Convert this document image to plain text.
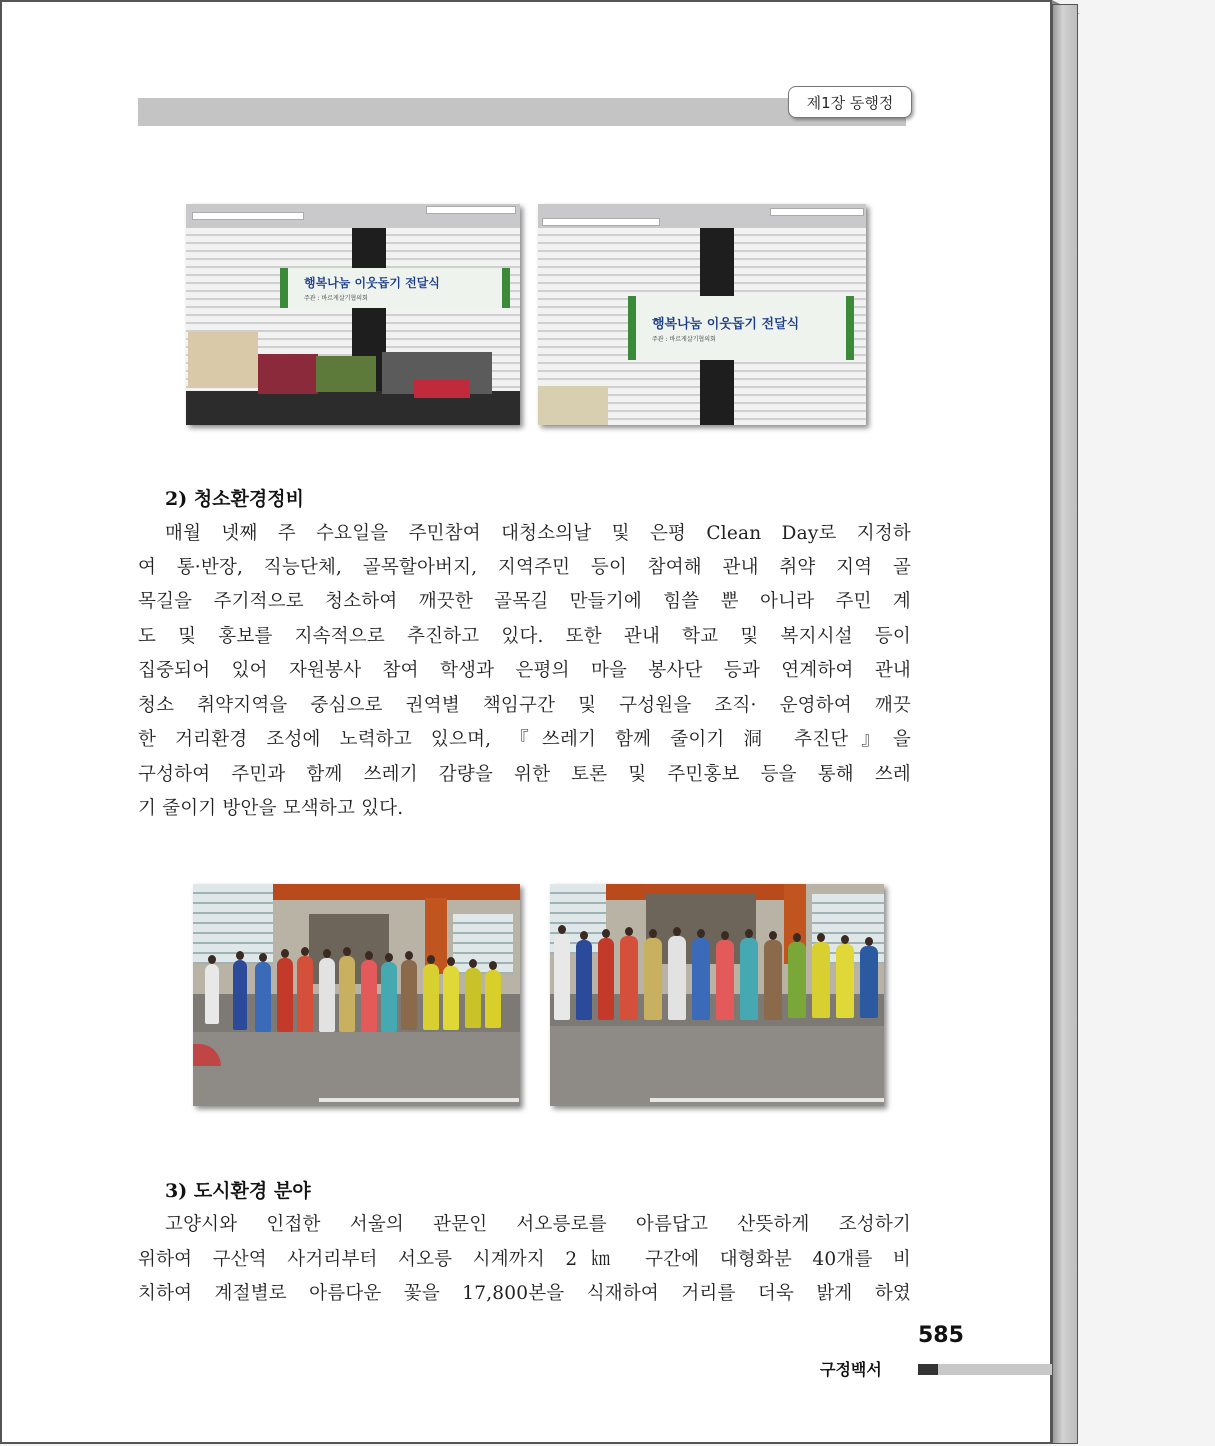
제1장 동행정
행복나눔 이웃돕기 전달식
주관 : 바르게살기협의회
행복나눔 이웃돕기 전달식
주관 : 바르게살기협의회
2) 청소환경정비
매월 넷째 주 수요일을 주민참여 대청소의날 및 은평 Clean Day로 지정하
여 통·반장, 직능단체, 골목할아버지, 지역주민 등이 참여해 관내 취약 지역 골
목길을 주기적으로 청소하여 깨끗한 골목길 만들기에 힘쓸 뿐 아니라 주민 계
도 및 홍보를 지속적으로 추진하고 있다. 또한 관내 학교 및 복지시설 등이
집중되어 있어 자원봉사 참여 학생과 은평의 마을 봉사단 등과 연계하여 관내
청소 취약지역을 중심으로 권역별 책임구간 및 구성원을 조직· 운영하여 깨끗
한 거리환경 조성에 노력하고 있으며, 『쓰레기 함께 줄이기 洞 추진단』을
구성하여 주민과 함께 쓰레기 감량을 위한 토론 및 주민홍보 등을 통해 쓰레
기 줄이기 방안을 모색하고 있다.
3) 도시환경 분야
고양시와 인접한 서울의 관문인 서오릉로를 아름답고 산뜻하게 조성하기
위하여 구산역 사거리부터 서오릉 시계까지 2㎞ 구간에 대형화분 40개를 비
치하여 계절별로 아름다운 꽃을 17,800본을 식재하여 거리를 더욱 밝게 하였
585
구정백서
